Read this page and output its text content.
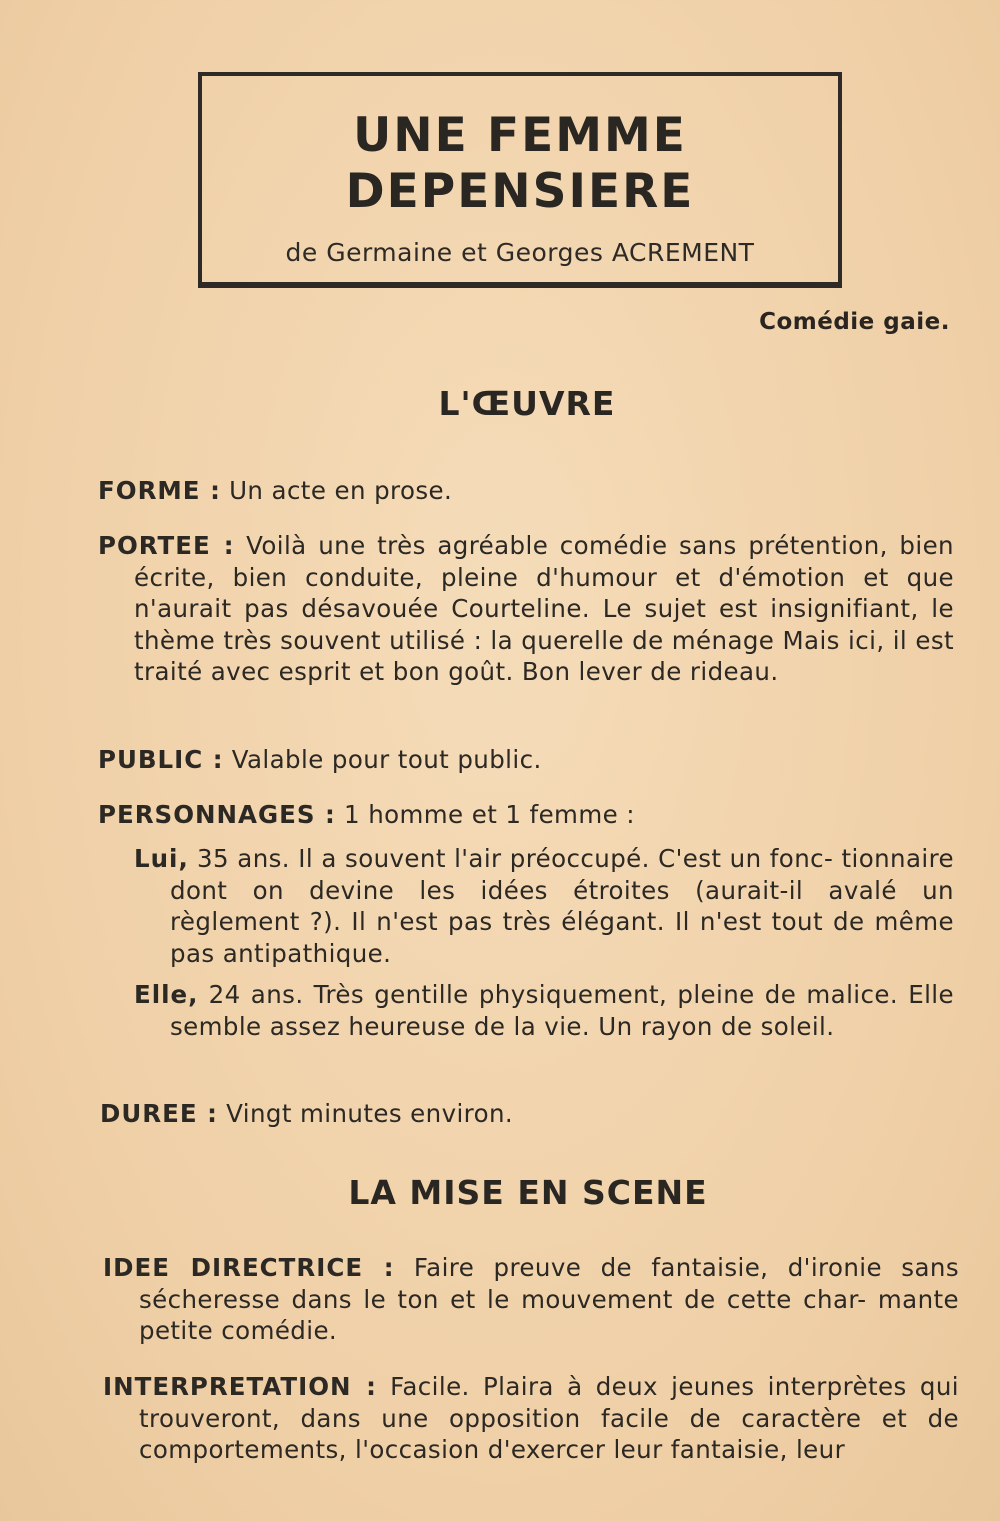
UNE FEMME
DEPENSIERE
de Germaine et Georges ACREMENT
Comédie gaie.
L'ŒUVRE
FORME : Un acte en prose.
PORTEE : Voilà une très agréable comédie sans prétention, bien écrite, bien conduite, pleine d'humour et d'émotion et que n'aurait pas désavouée Courteline. Le sujet est insignifiant, le thème très souvent utilisé : la querelle de ménage Mais ici, il est traité avec esprit et bon goût. Bon lever de rideau.
PUBLIC : Valable pour tout public.
PERSONNAGES : 1 homme et 1 femme :
Lui, 35 ans. Il a souvent l'air préoccupé. C'est un fonc- tionnaire dont on devine les idées étroites (aurait-il avalé un règlement ?). Il n'est pas très élégant. Il n'est tout de même pas antipathique.
Elle, 24 ans. Très gentille physiquement, pleine de malice. Elle semble assez heureuse de la vie. Un rayon de soleil.
DUREE : Vingt minutes environ.
LA MISE EN SCENE
IDEE DIRECTRICE : Faire preuve de fantaisie, d'ironie sans sécheresse dans le ton et le mouvement de cette char- mante petite comédie.
INTERPRETATION : Facile. Plaira à deux jeunes interprètes qui trouveront, dans une opposition facile de caractère et de comportements, l'occasion d'exercer leur fantaisie, leur
